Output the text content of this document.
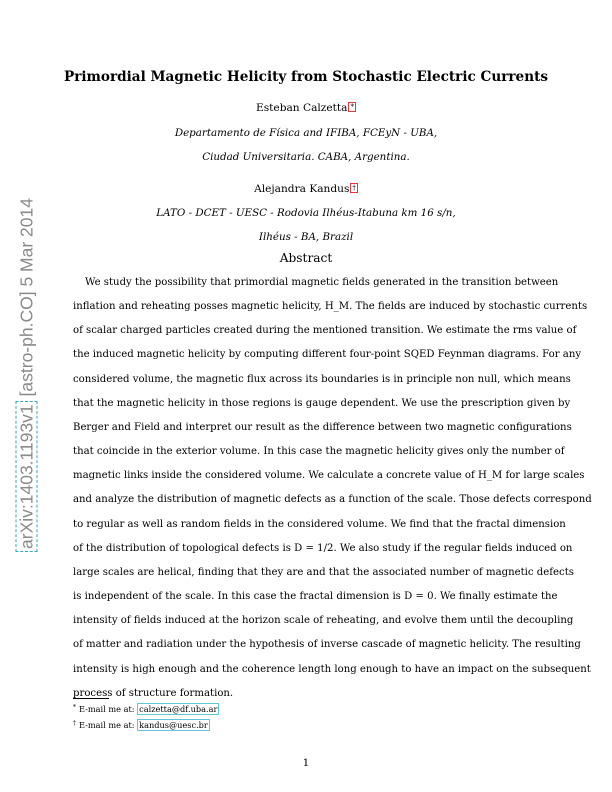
arXiv:1403.1193v1 [astro-ph.CO] 5 Mar 2014
Primordial Magnetic Helicity from Stochastic Electric Currents
Esteban Calzetta *
Departamento de Física and IFIBA, FCEyN - UBA,
Ciudad Universitaria. CABA, Argentina.
Alejandra Kandus †
LATO - DCET - UESC - Rodovia Ilhéus-Itabuna km 16 s/n,
Ilhéus - BA, Brazil
Abstract
We study the possibility that primordial magnetic fields generated in the transition between
inflation and reheating posses magnetic helicity, H_M. The fields are induced by stochastic currents
of scalar charged particles created during the mentioned transition. We estimate the rms value of
the induced magnetic helicity by computing different four-point SQED Feynman diagrams. For any
considered volume, the magnetic flux across its boundaries is in principle non null, which means
that the magnetic helicity in those regions is gauge dependent. We use the prescription given by
Berger and Field and interpret our result as the difference between two magnetic configurations
that coincide in the exterior volume. In this case the magnetic helicity gives only the number of
magnetic links inside the considered volume. We calculate a concrete value of H_M for large scales
and analyze the distribution of magnetic defects as a function of the scale. Those defects correspond
to regular as well as random fields in the considered volume. We find that the fractal dimension
of the distribution of topological defects is D = 1/2. We also study if the regular fields induced on
large scales are helical, finding that they are and that the associated number of magnetic defects
is independent of the scale. In this case the fractal dimension is D = 0. We finally estimate the
intensity of fields induced at the horizon scale of reheating, and evolve them until the decoupling
of matter and radiation under the hypothesis of inverse cascade of magnetic helicity. The resulting
intensity is high enough and the coherence length long enough to have an impact on the subsequent
process of structure formation.
* E-mail me at: calzetta@df.uba.ar
† E-mail me at: kandus@uesc.br
1
